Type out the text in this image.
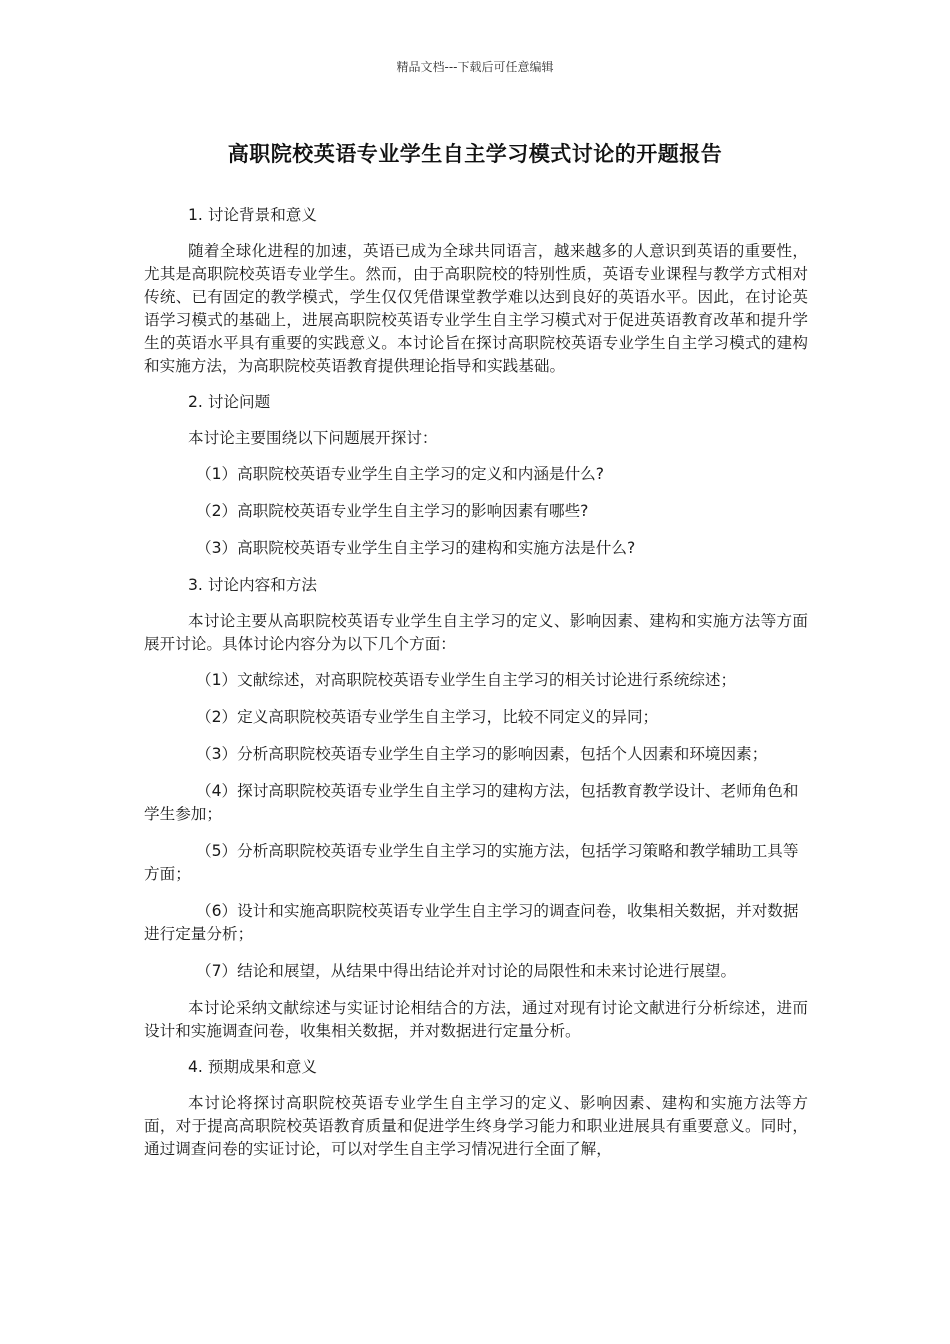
精品文档---下载后可任意编辑
高职院校英语专业学生自主学习模式讨论的开题报告

1. 讨论背景和意义

随着全球化进程的加速，英语已成为全球共同语言，越来越多的人意识到英语的重要性，尤其是高职院校英语专业学生。然而，由于高职院校的特别性质，英语专业课程与教学方式相对传统、已有固定的教学模式，学生仅仅凭借课堂教学难以达到良好的英语水平。因此，在讨论英语学习模式的基础上，进展高职院校英语专业学生自主学习模式对于促进英语教育改革和提升学生的英语水平具有重要的实践意义。本讨论旨在探讨高职院校英语专业学生自主学习模式的建构和实施方法，为高职院校英语教育提供理论指导和实践基础。

2. 讨论问题

本讨论主要围绕以下问题展开探讨：

（1）高职院校英语专业学生自主学习的定义和内涵是什么?

（2）高职院校英语专业学生自主学习的影响因素有哪些?

（3）高职院校英语专业学生自主学习的建构和实施方法是什么?

3. 讨论内容和方法

本讨论主要从高职院校英语专业学生自主学习的定义、影响因素、建构和实施方法等方面展开讨论。具体讨论内容分为以下几个方面：

（1）文献综述，对高职院校英语专业学生自主学习的相关讨论进行系统综述；

（2）定义高职院校英语专业学生自主学习，比较不同定义的异同；

（3）分析高职院校英语专业学生自主学习的影响因素，包括个人因素和环境因素；

（4）探讨高职院校英语专业学生自主学习的建构方法，包括教育教学设计、老师角色和学生参加；

（5）分析高职院校英语专业学生自主学习的实施方法，包括学习策略和教学辅助工具等方面；

（6）设计和实施高职院校英语专业学生自主学习的调查问卷，收集相关数据，并对数据进行定量分析；

（7）结论和展望，从结果中得出结论并对讨论的局限性和未来讨论进行展望。

本讨论采纳文献综述与实证讨论相结合的方法，通过对现有讨论文献进行分析综述，进而设计和实施调查问卷，收集相关数据，并对数据进行定量分析。

4. 预期成果和意义

本讨论将探讨高职院校英语专业学生自主学习的定义、影响因素、建构和实施方法等方面，对于提高高职院校英语教育质量和促进学生终身学习能力和职业进展具有重要意义。同时，通过调查问卷的实证讨论，可以对学生自主学习情况进行全面了解，
